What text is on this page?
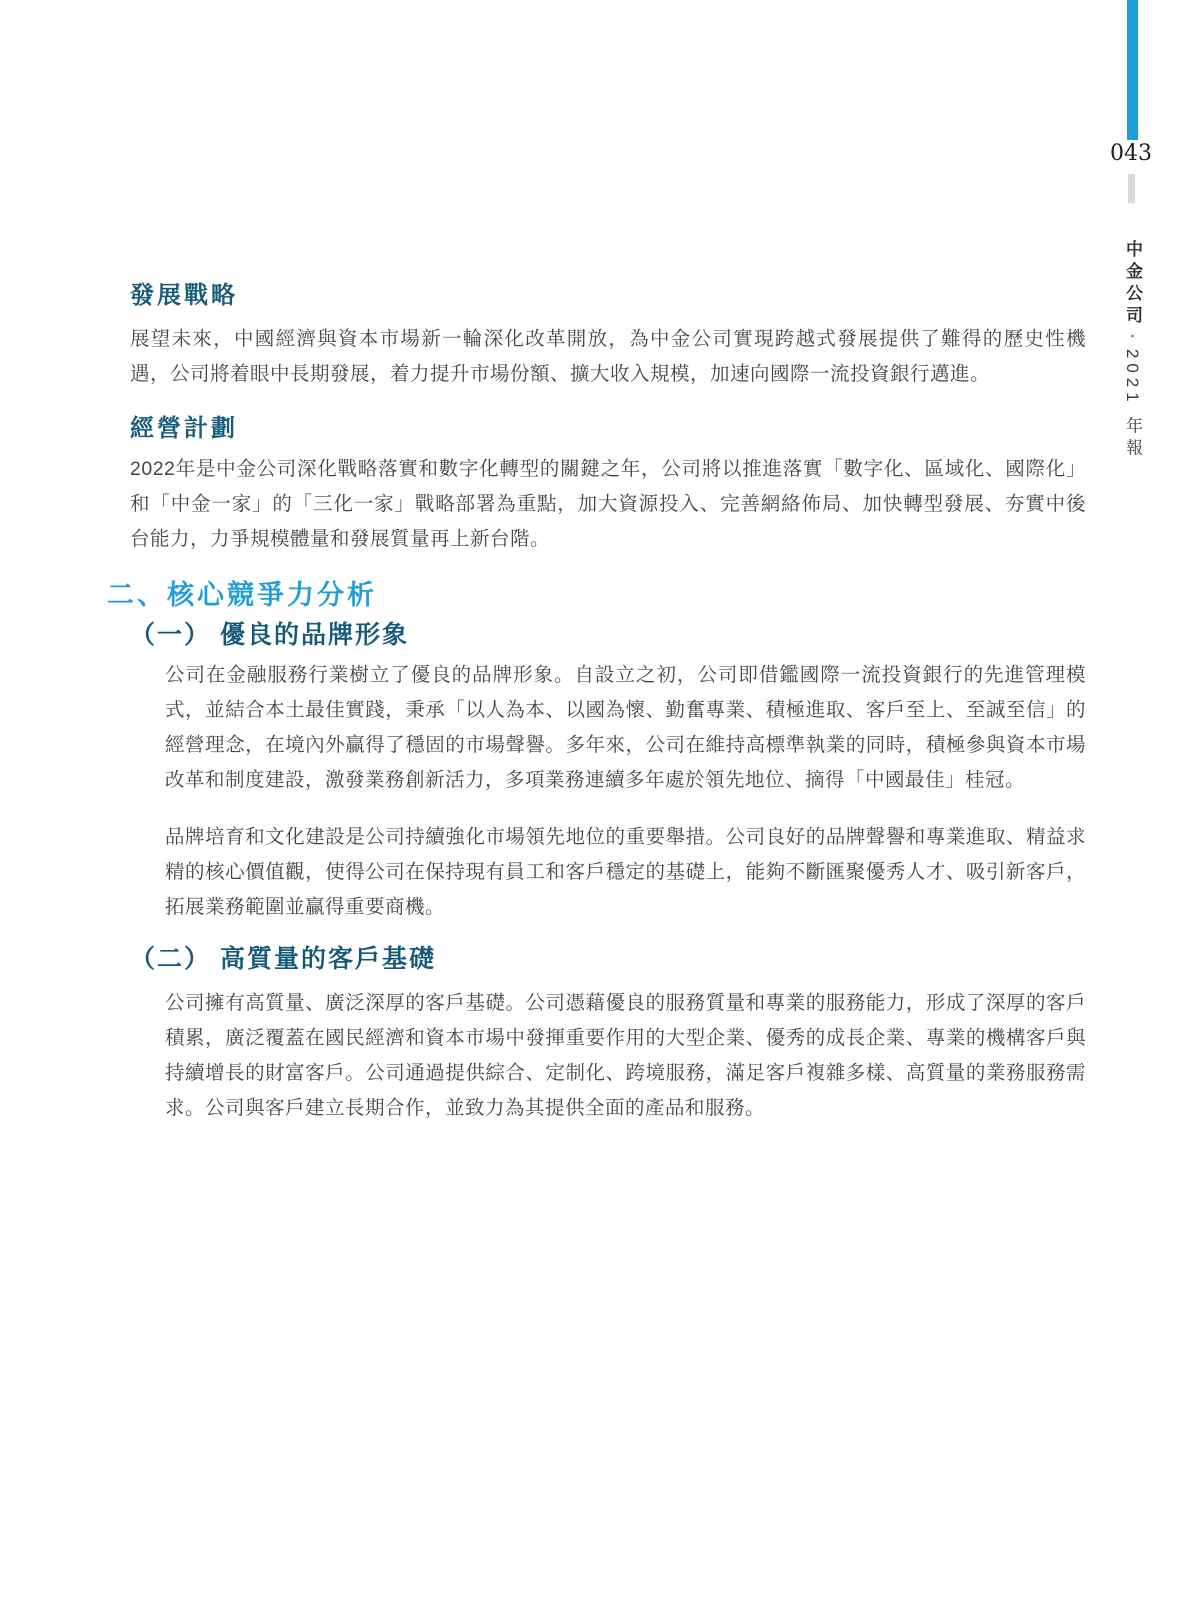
發展戰略

展望未來，中國經濟與資本市場新一輪深化改革開放，為中金公司實現跨越式發展提供了難得的歷史性機遇，公司將着眼中長期發展，着力提升市場份額、擴大收入規模，加速向國際一流投資銀行邁進。

經營計劃

2022年是中金公司深化戰略落實和數字化轉型的關鍵之年，公司將以推進落實「數字化、區域化、國際化」和「中金一家」的「三化一家」戰略部署為重點，加大資源投入、完善網絡佈局、加快轉型發展、夯實中後台能力，力爭規模體量和發展質量再上新台階。

二、核心競爭力分析
（一） 優良的品牌形象

公司在金融服務行業樹立了優良的品牌形象。自設立之初，公司即借鑑國際一流投資銀行的先進管理模式，並結合本土最佳實踐，秉承「以人為本、以國為懷、勤奮專業、積極進取、客戶至上、至誠至信」的經營理念，在境內外贏得了穩固的市場聲譽。多年來，公司在維持高標準執業的同時，積極參與資本市場改革和制度建設，激發業務創新活力，多項業務連續多年處於領先地位、摘得「中國最佳」桂冠。

品牌培育和文化建設是公司持續強化市場領先地位的重要舉措。公司良好的品牌聲譽和專業進取、精益求精的核心價值觀，使得公司在保持現有員工和客戶穩定的基礎上，能夠不斷匯聚優秀人才、吸引新客戶，拓展業務範圍並贏得重要商機。

（二） 高質量的客戶基礎

公司擁有高質量、廣泛深厚的客戶基礎。公司憑藉優良的服務質量和專業的服務能力，形成了深厚的客戶積累，廣泛覆蓋在國民經濟和資本市場中發揮重要作用的大型企業、優秀的成長企業、專業的機構客戶與持續增長的財富客戶。公司通過提供綜合、定制化、跨境服務，滿足客戶複雜多樣、高質量的業務服務需求。公司與客戶建立長期合作，並致力為其提供全面的產品和服務。

043
中金公司•2021 年報
